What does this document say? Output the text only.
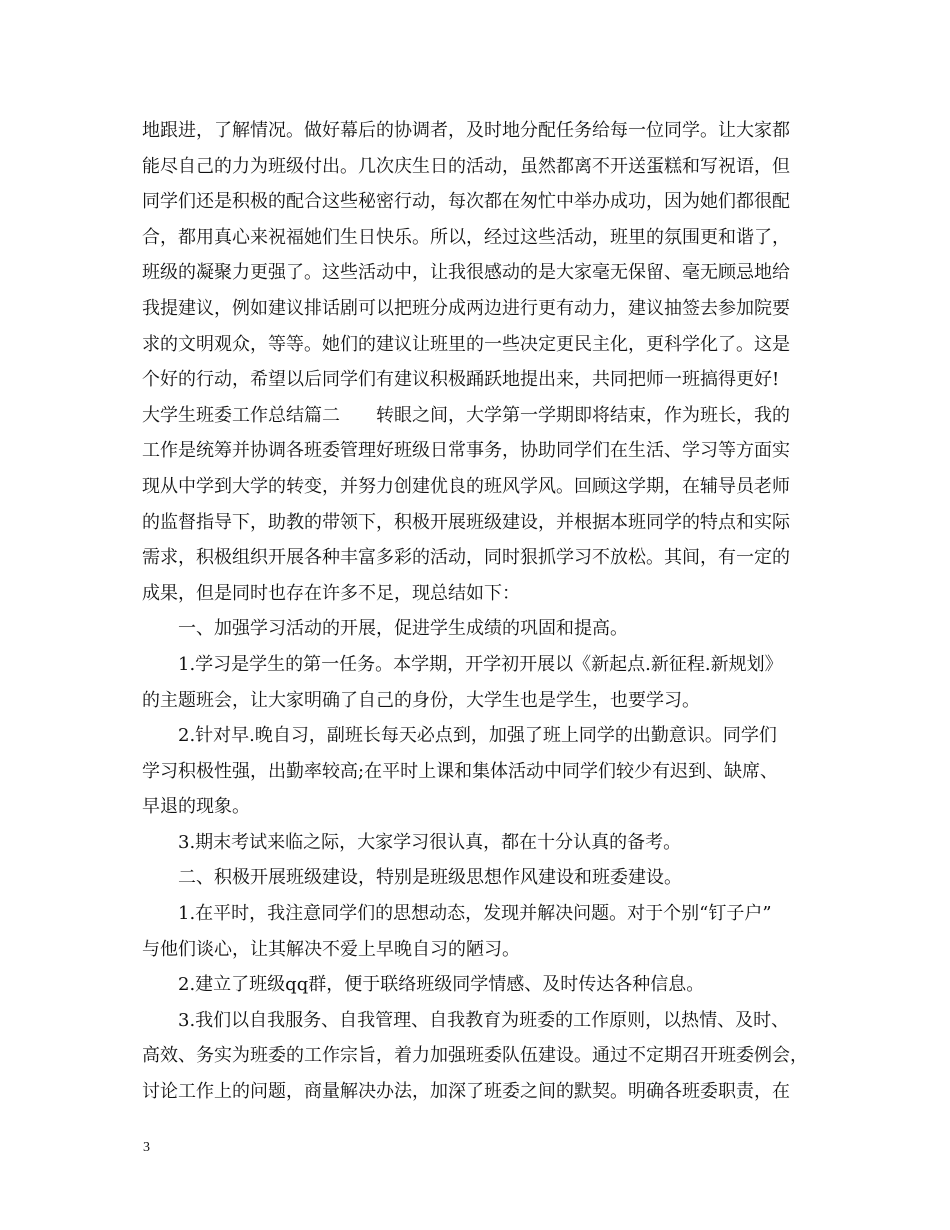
地跟进，了解情况。做好幕后的协调者，及时地分配任务给每一位同学。让大家都
能尽自己的力为班级付出。几次庆生日的活动，虽然都离不开送蛋糕和写祝语，但
同学们还是积极的配合这些秘密行动，每次都在匆忙中举办成功，因为她们都很配
合，都用真心来祝福她们生日快乐。所以，经过这些活动，班里的氛围更和谐了，
班级的凝聚力更强了。这些活动中，让我很感动的是大家毫无保留、毫无顾忌地给
我提建议，例如建议排话剧可以把班分成两边进行更有动力，建议抽签去参加院要
求的文明观众，等等。她们的建议让班里的一些决定更民主化，更科学化了。这是
个好的行动，希望以后同学们有建议积极踊跃地提出来，共同把师一班搞得更好!
大学生班委工作总结篇二　　转眼之间，大学第一学期即将结束，作为班长，我的
工作是统筹并协调各班委管理好班级日常事务，协助同学们在生活、学习等方面实
现从中学到大学的转变，并努力创建优良的班风学风。回顾这学期，在辅导员老师
的监督指导下，助教的带领下，积极开展班级建设，并根据本班同学的特点和实际
需求，积极组织开展各种丰富多彩的活动，同时狠抓学习不放松。其间，有一定的
成果，但是同时也存在许多不足，现总结如下：
一、加强学习活动的开展，促进学生成绩的巩固和提高。
1.学习是学生的第一任务。本学期，开学初开展以《新起点.新征程.新规划》
的主题班会，让大家明确了自己的身份，大学生也是学生，也要学习。
2.针对早.晚自习，副班长每天必点到，加强了班上同学的出勤意识。同学们
学习积极性强，出勤率较高;在平时上课和集体活动中同学们较少有迟到、缺席、
早退的现象。
3.期末考试来临之际，大家学习很认真，都在十分认真的备考。
二、积极开展班级建设，特别是班级思想作风建设和班委建设。
1.在平时，我注意同学们的思想动态，发现并解决问题。对于个别“钉子户”
与他们谈心，让其解决不爱上早晚自习的陋习。
2.建立了班级qq群，便于联络班级同学情感、及时传达各种信息。
3.我们以自我服务、自我管理、自我教育为班委的工作原则，以热情、及时、
高效、务实为班委的工作宗旨，着力加强班委队伍建设。通过不定期召开班委例会，
讨论工作上的问题，商量解决办法，加深了班委之间的默契。明确各班委职责，在
3
